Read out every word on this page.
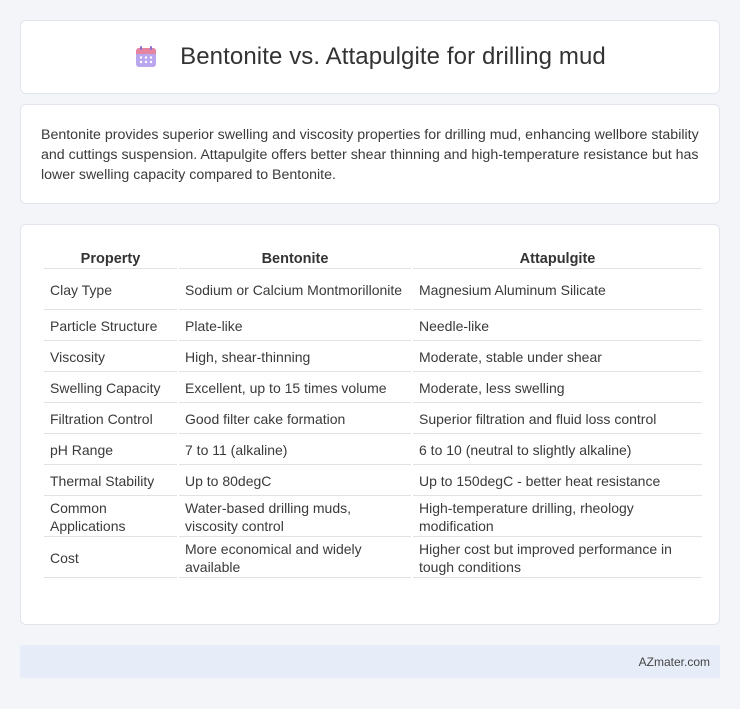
Bentonite vs. Attapulgite for drilling mud

Bentonite provides superior swelling and viscosity properties for drilling mud, enhancing wellbore stability and cuttings suspension. Attapulgite offers better shear thinning and high-temperature resistance but has lower swelling capacity compared to Bentonite.

Property	Bentonite	Attapulgite
Clay Type	Sodium or Calcium Montmorillonite	Magnesium Aluminum Silicate
Particle Structure	Plate-like	Needle-like
Viscosity	High, shear-thinning	Moderate, stable under shear
Swelling Capacity	Excellent, up to 15 times volume	Moderate, less swelling
Filtration Control	Good filter cake formation	Superior filtration and fluid loss control
pH Range	7 to 11 (alkaline)	6 to 10 (neutral to slightly alkaline)
Thermal Stability	Up to 80degC	Up to 150degC - better heat resistance
Common Applications	Water-based drilling muds, viscosity control	High-temperature drilling, rheology modification
Cost	More economical and widely available	Higher cost but improved performance in tough conditions
AZmater.com
